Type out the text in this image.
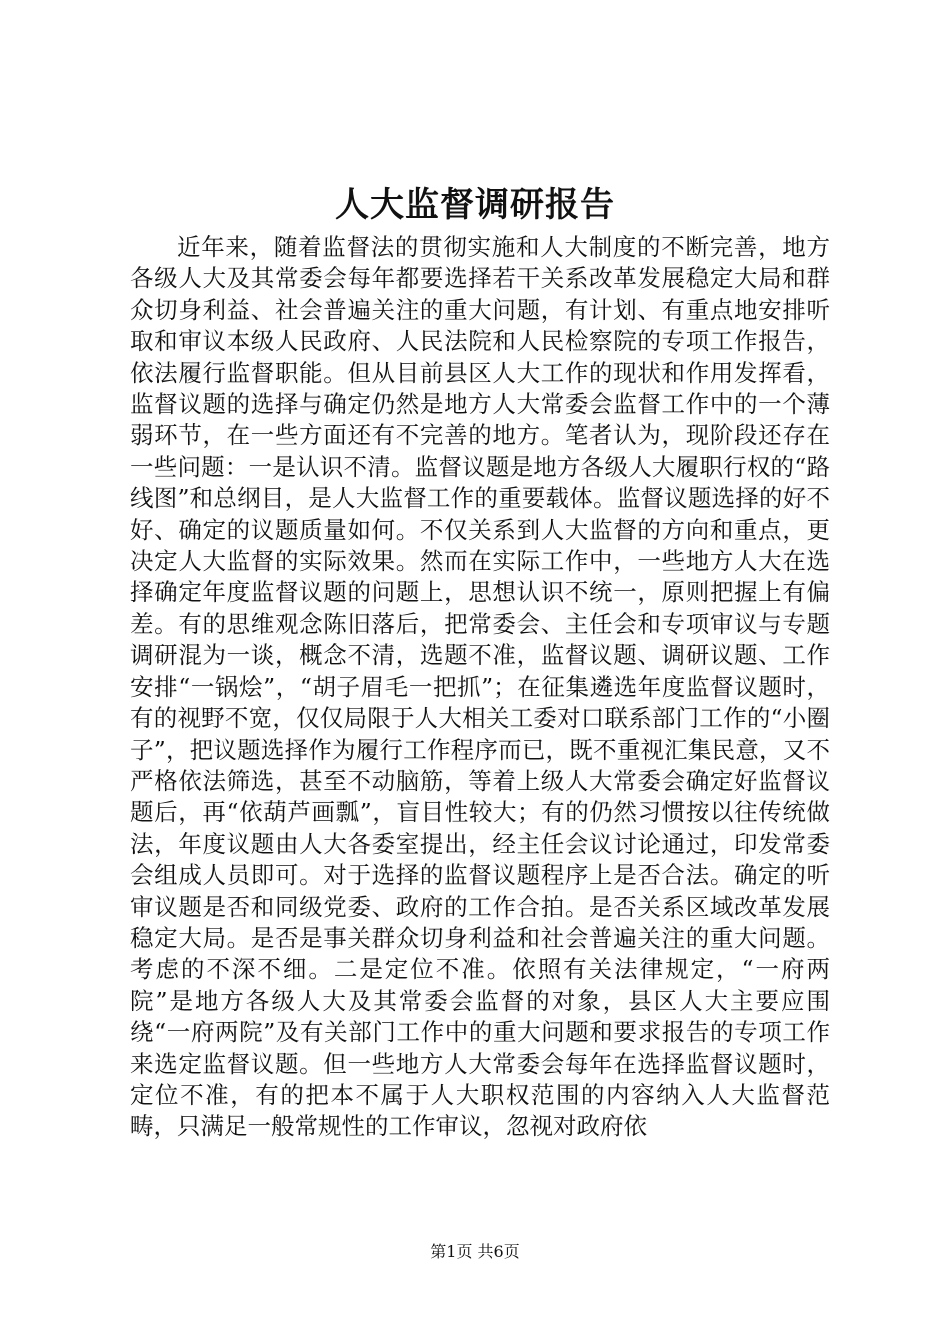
人大监督调研报告

近年来，随着监督法的贯彻实施和人大制度的不断完善，地方各级人大及其常委会每年都要选择若干关系改革发展稳定大局和群众切身利益、社会普遍关注的重大问题，有计划、有重点地安排听取和审议本级人民政府、人民法院和人民检察院的专项工作报告，依法履行监督职能。但从目前县区人大工作的现状和作用发挥看，监督议题的选择与确定仍然是地方人大常委会监督工作中的一个薄弱环节，在一些方面还有不完善的地方。笔者认为，现阶段还存在一些问题：一是认识不清。监督议题是地方各级人大履职行权的“路线图”和总纲目，是人大监督工作的重要载体。监督议题选择的好不好、确定的议题质量如何。不仅关系到人大监督的方向和重点，更决定人大监督的实际效果。然而在实际工作中，一些地方人大在选择确定年度监督议题的问题上，思想认识不统一，原则把握上有偏差。有的思维观念陈旧落后，把常委会、主任会和专项审议与专题调研混为一谈，概念不清，选题不准，监督议题、调研议题、工作安排“一锅烩”，“胡子眉毛一把抓”；在征集遴选年度监督议题时，有的视野不宽，仅仅局限于人大相关工委对口联系部门工作的“小圈子”，把议题选择作为履行工作程序而已，既不重视汇集民意，又不严格依法筛选，甚至不动脑筋，等着上级人大常委会确定好监督议题后，再“依葫芦画瓢”，盲目性较大；有的仍然习惯按以往传统做法，年度议题由人大各委室提出，经主任会议讨论通过，印发常委会组成人员即可。对于选择的监督议题程序上是否合法。确定的听审议题是否和同级党委、政府的工作合拍。是否关系区域改革发展稳定大局。是否是事关群众切身利益和社会普遍关注的重大问题。考虑的不深不细。二是定位不准。依照有关法律规定，“一府两院”是地方各级人大及其常委会监督的对象，县区人大主要应围绕“一府两院”及有关部门工作中的重大问题和要求报告的专项工作来选定监督议题。但一些地方人大常委会每年在选择监督议题时，定位不准，有的把本不属于人大职权范围的内容纳入人大监督范畴，只满足一般常规性的工作审议，忽视对政府依

第1页 共6页
